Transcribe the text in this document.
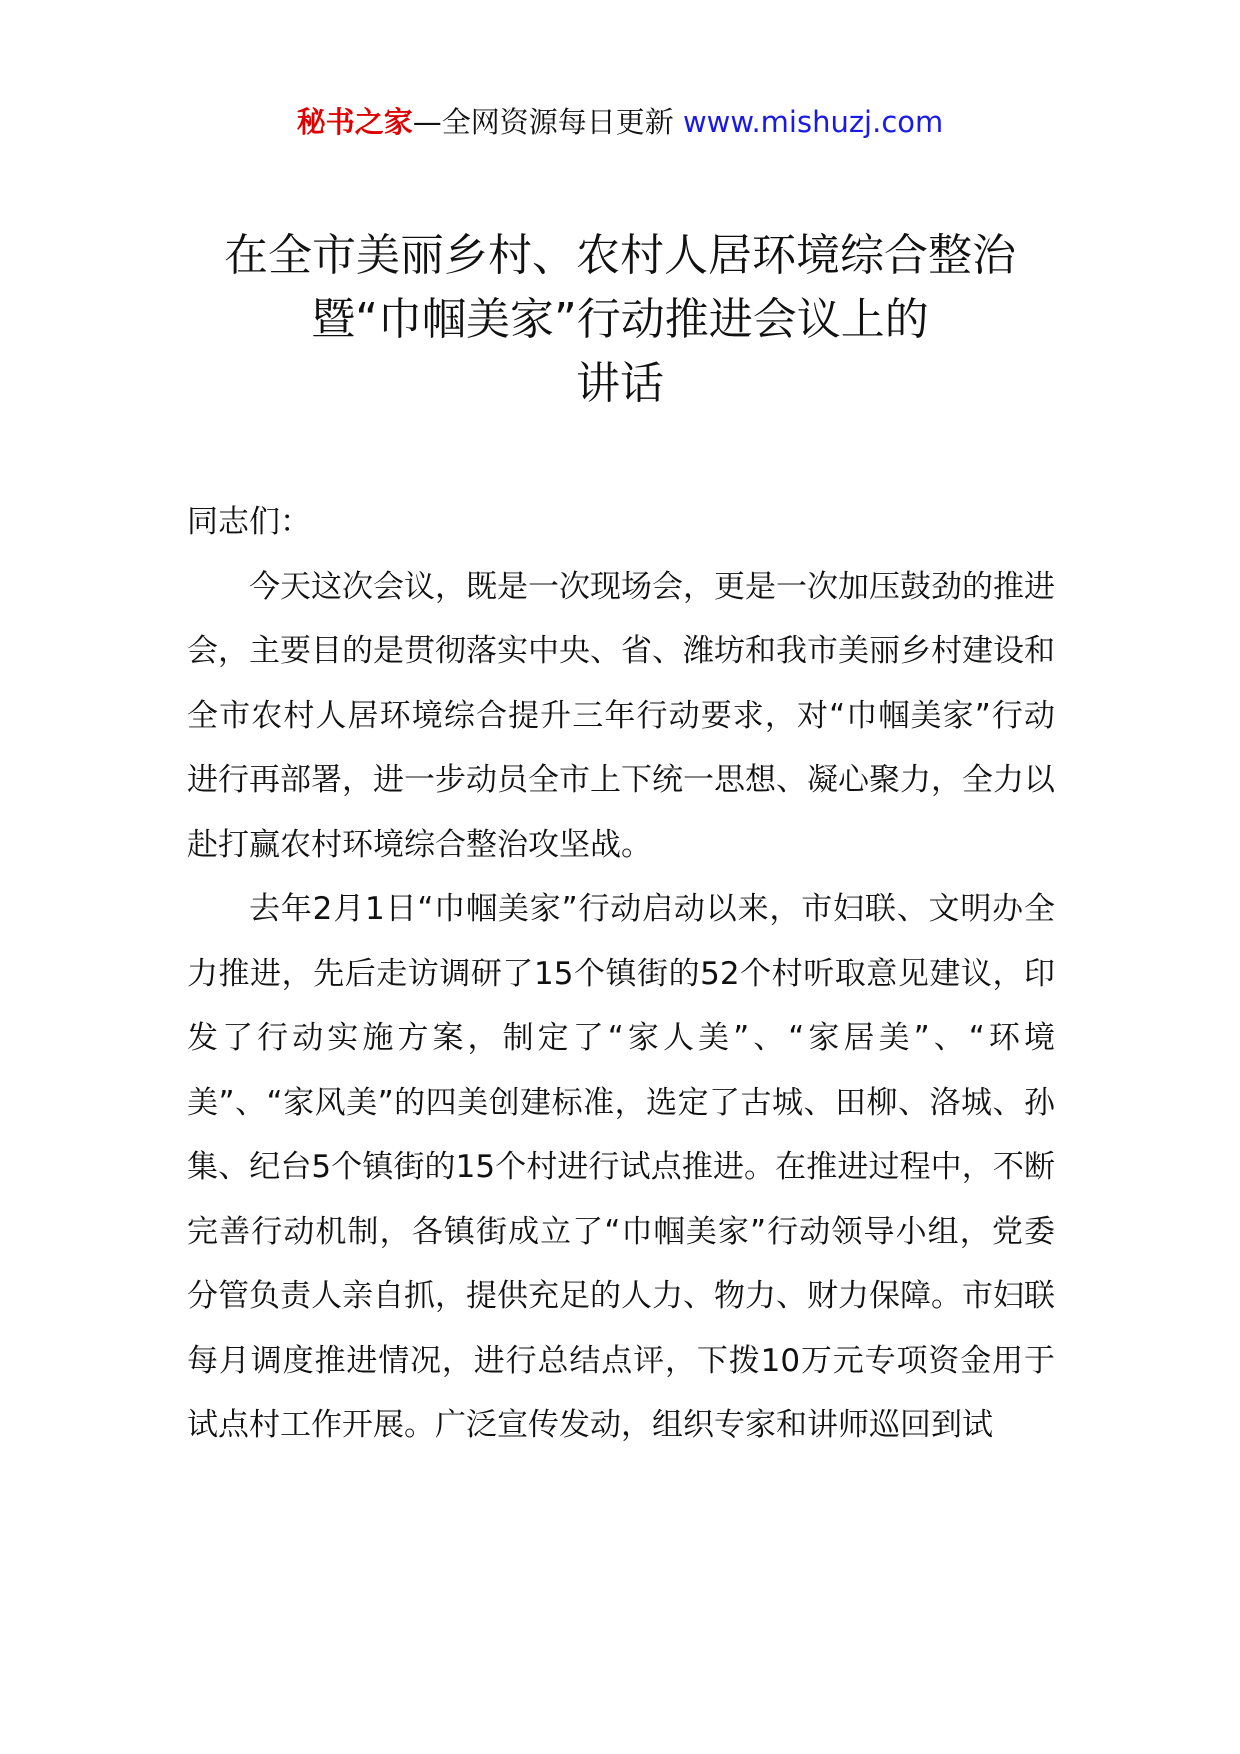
秘书之家—全网资源每日更新 www.mishuzj.com
在全市美丽乡村、农村人居环境综合整治
暨“巾帼美家”行动推进会议上的
讲话

同志们：

今天这次会议，既是一次现场会，更是一次加压鼓劲的推进会，主要目的是贯彻落实中央、省、潍坊和我市美丽乡村建设和全市农村人居环境综合提升三年行动要求，对“巾帼美家”行动进行再部署，进一步动员全市上下统一思想、凝心聚力，全力以赴打赢农村环境综合整治攻坚战。

去年2月1日“巾帼美家”行动启动以来，市妇联、文明办全力推进，先后走访调研了15个镇街的52个村听取意见建议，印发了行动实施方案，制定了“家人美”、“家居美”、“环境美”、“家风美”的四美创建标准，选定了古城、田柳、洛城、孙集、纪台5个镇街的15个村进行试点推进。在推进过程中，不断完善行动机制，各镇街成立了“巾帼美家”行动领导小组，党委分管负责人亲自抓，提供充足的人力、物力、财力保障。市妇联每月调度推进情况，进行总结点评，下拨10万元专项资金用于试点村工作开展。广泛宣传发动，组织专家和讲师巡回到试
